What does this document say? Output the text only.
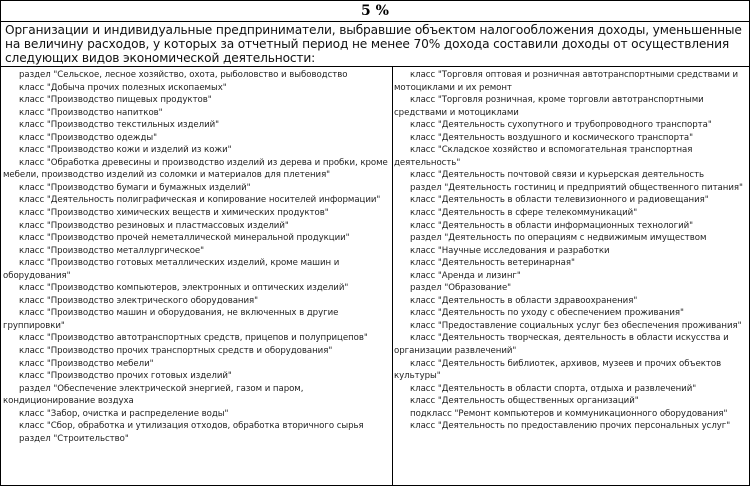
5 %
Организации и индивидуальные предприниматели, выбравшие объектом налогообложения доходы, уменьшенные на величину расходов, у которых за отчетный период не менее 70% дохода составили доходы от осуществления следующих видов экономической деятельности:
раздел "Сельское, лесное хозяйство, охота, рыболовство и выбоводство
класс "Добыча прочих полезных ископаемых"
класс "Производство пищевых продуктов"
класс "Производство напитков"
класс "Производство текстильных изделий"
класс "Производство одежды"
класс "Производство кожи и изделий из кожи"
класс "Обработка древесины и производство изделий из дерева и пробки, кроме мебели, производство изделий из соломки и материалов для плетения"
класс "Производство бумаги и бумажных изделий"
класс "Деятельность полиграфическая и копирование носителей информации"
класс "Производство химических веществ и химических продуктов"
класс "Производство резиновых и пластмассовых изделий"
класс "Производство прочей неметаллической минеральной продукции"
класс "Производство металлургическое"
класс "Производство готовых металлических изделий, кроме машин и оборудования"
класс "Производство компьютеров, электронных и оптических изделий"
класс "Производство электрического оборудования"
класс "Производство машин и оборудования, не включенных в другие группировки"
класс "Производство автотранспортных средств, прицепов и полуприцепов"
класс "Производство прочих транспортных средств и оборудования"
класс "Производство мебели"
класс "Производство прочих готовых изделий"
раздел "Обеспечение электрической энергией, газом и паром, кондиционирование воздуха
класс "Забор, очистка и распределение воды"
класс "Сбор, обработка и утилизация отходов, обработка вторичного сырья
раздел "Строительство"
класс "Торговля оптовая и розничная автотранспортными средствами и мотоциклами и их ремонт
класс "Торговля розничная, кроме торговли автотранспортными средствами и мотоциклами
класс "Деятельность сухопутного и трубопроводного транспорта"
класс "Деятельность воздушного и космического транспорта"
класс "Складское хозяйство и вспомогательная транспортная деятельность"
класс "Деятельность почтовой связи и курьерская деятельность
раздел "Деятельность гостиниц и предприятий общественного питания"
класс "Деятельность в области телевизионного и радиовещания"
класс "Деятельность в сфере телекоммуникаций"
класс "Деятельность в области информационных технологий"
раздел "Деятельность по операциям с недвижимым имуществом
класс "Научные исследования и разработки
класс "Деятельность ветеринарная"
класс "Аренда и лизинг"
раздел "Образование"
класс "Деятельность в области здравоохранения"
класс "Деятельность по уходу с обеспечением проживания"
класс "Предоставление социальных услуг без обеспечения проживания"
класс "Деятельность творческая, деятельность в области искусства и организации развлечений"
класс "Деятельность библиотек, архивов, музеев и прочих объектов культуры"
класс "Деятельность в области спорта, отдыха и развлечений"
класс "Деятельность общественных организаций"
подкласс "Ремонт компьютеров и коммуникационного оборудования"
класс "Деятельность по предоставлению прочих персональных услуг"
